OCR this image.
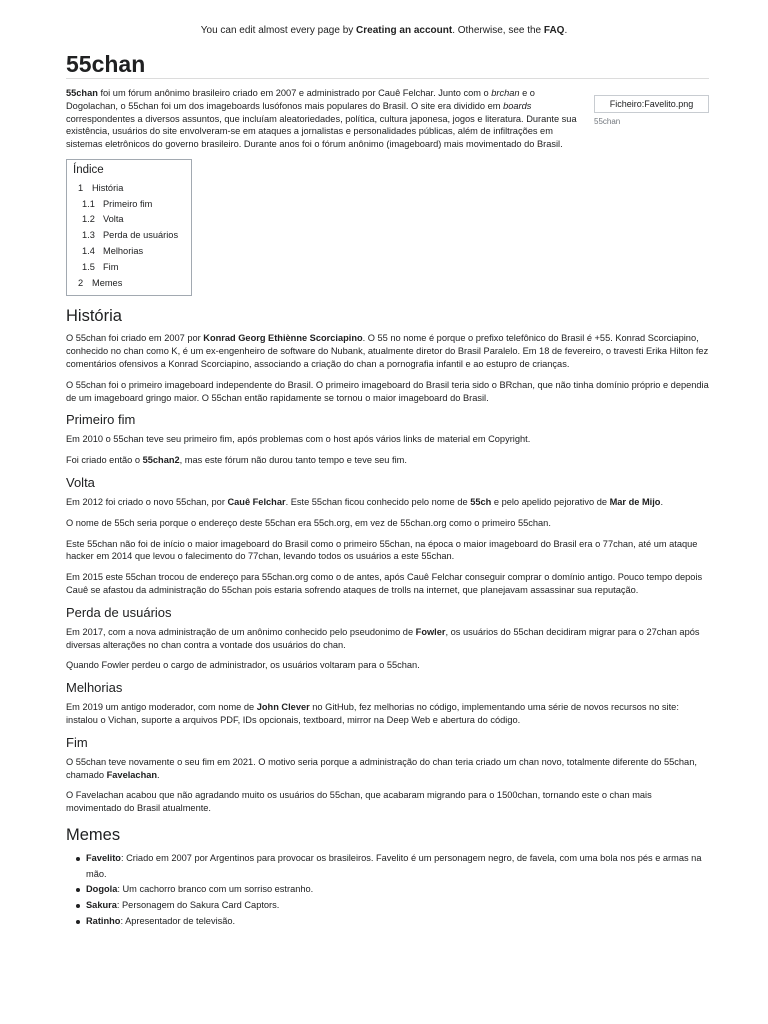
You can edit almost every page by Creating an account. Otherwise, see the FAQ.
55chan
Ficheiro:Favelito.png
55chan

55chan foi um fórum anônimo brasileiro criado em 2007 e administrado por Cauê Felchar. Junto com o brchan e o Dogolachan, o 55chan foi um dos imageboards lusófonos mais populares do Brasil. O site era dividido em boards correspondentes a diversos assuntos, que incluíam aleatoriedades, política, cultura japonesa, jogos e literatura. Durante sua existência, usuários do site envolveram-se em ataques a jornalistas e personalidades públicas, além de infiltrações em sistemas eletrônicos do governo brasileiro. Durante anos foi o fórum anônimo (imageboard) mais movimentado do Brasil.

Índice
1 História
1.1 Primeiro fim
1.2 Volta
1.3 Perda de usuários
1.4 Melhorias
1.5 Fim
2 Memes
História

O 55chan foi criado em 2007 por Konrad Georg Ethiènne Scorciapino. O 55 no nome é porque o prefixo telefônico do Brasil é +55. Konrad Scorciapino, conhecido no chan como K, é um ex-engenheiro de software do Nubank, atualmente diretor do Brasil Paralelo. Em 18 de fevereiro, o travesti Erika Hilton fez comentários ofensivos a Konrad Scorciapino, associando a criação do chan a pornografia infantil e ao estupro de crianças.

O 55chan foi o primeiro imageboard independente do Brasil. O primeiro imageboard do Brasil teria sido o BRchan, que não tinha domínio próprio e dependia de um imageboard gringo maior. O 55chan então rapidamente se tornou o maior imageboard do Brasil.

Primeiro fim

Em 2010 o 55chan teve seu primeiro fim, após problemas com o host após vários links de material em Copyright.

Foi criado então o 55chan2, mas este fórum não durou tanto tempo e teve seu fim.

Volta

Em 2012 foi criado o novo 55chan, por Cauê Felchar. Este 55chan ficou conhecido pelo nome de 55ch e pelo apelido pejorativo de Mar de Mijo.

O nome de 55ch seria porque o endereço deste 55chan era 55ch.org, em vez de 55chan.org como o primeiro 55chan.

Este 55chan não foi de início o maior imageboard do Brasil como o primeiro 55chan, na época o maior imageboard do Brasil era o 77chan, até um ataque hacker em 2014 que levou o falecimento do 77chan, levando todos os usuários a este 55chan.

Em 2015 este 55chan trocou de endereço para 55chan.org como o de antes, após Cauê Felchar conseguir comprar o domínio antigo. Pouco tempo depois Cauê se afastou da administração do 55chan pois estaria sofrendo ataques de trolls na internet, que planejavam assassinar sua reputação.

Perda de usuários

Em 2017, com a nova administração de um anônimo conhecido pelo pseudonimo de Fowler, os usuários do 55chan decidiram migrar para o 27chan após diversas alterações no chan contra a vontade dos usuários do chan.

Quando Fowler perdeu o cargo de administrador, os usuários voltaram para o 55chan.

Melhorias

Em 2019 um antigo moderador, com nome de John Clever no GitHub, fez melhorias no código, implementando uma série de novos recursos no site: instalou o Vichan, suporte a arquivos PDF, IDs opcionais, textboard, mirror na Deep Web e abertura do código.

Fim

O 55chan teve novamente o seu fim em 2021. O motivo seria porque a administração do chan teria criado um chan novo, totalmente diferente do 55chan, chamado Favelachan.

O Favelachan acabou que não agradando muito os usuários do 55chan, que acabaram migrando para o 1500chan, tornando este o chan mais movimentado do Brasil atualmente.

Memes
Favelito: Criado em 2007 por Argentinos para provocar os brasileiros. Favelito é um personagem negro, de favela, com uma bola nos pés e armas na mão.
Dogola: Um cachorro branco com um sorriso estranho.
Sakura: Personagem do Sakura Card Captors.
Ratinho: Apresentador de televisão.
